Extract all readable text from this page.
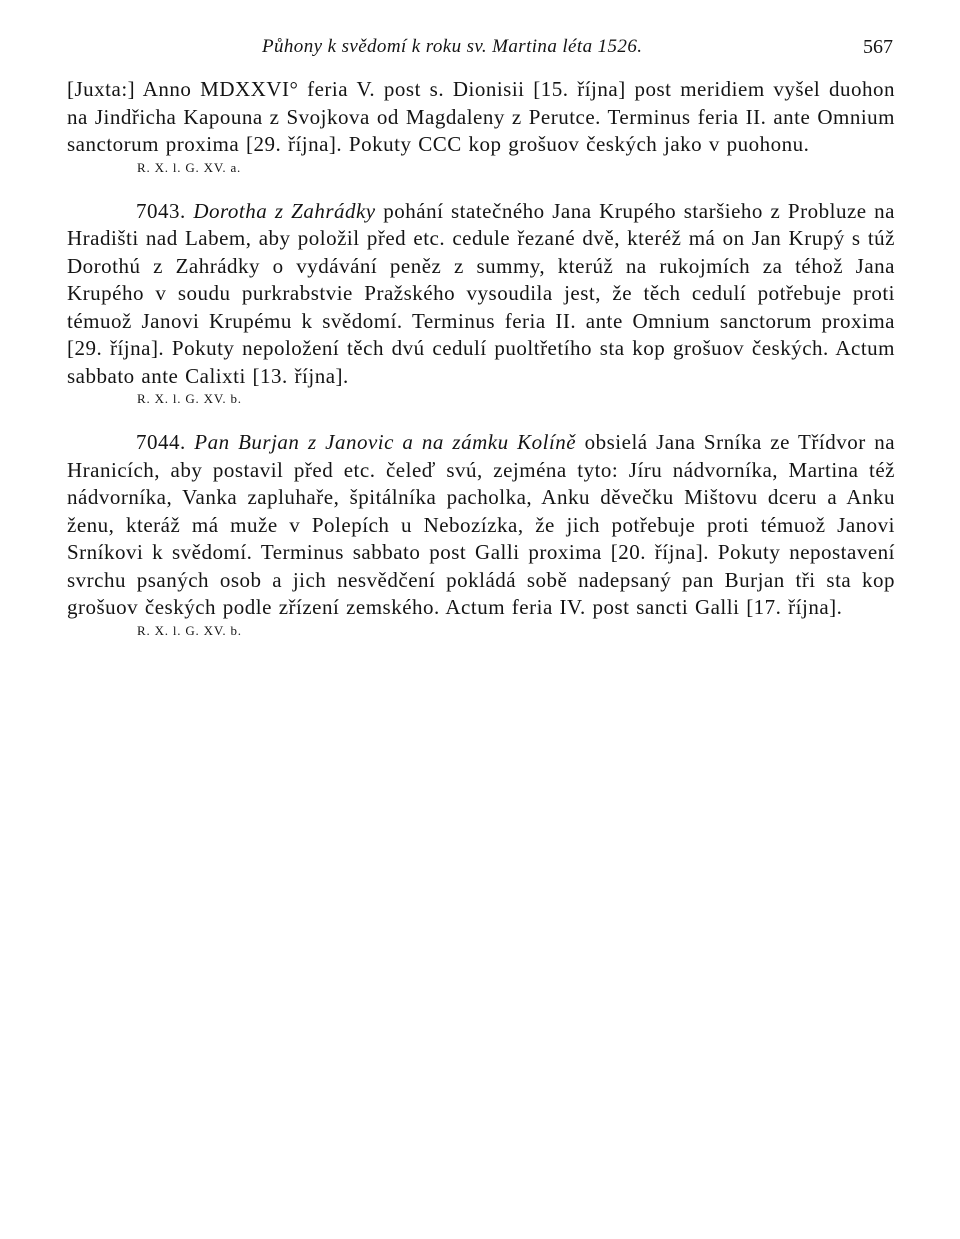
Půhony k svědomí k roku sv. Martina léta 1526.	567

[Juxta:] Anno MDXXVI° feria V. post s. Dionisii [15. října] post meridiem vyšel duohon na Jindřicha Kapouna z Svojkova od Magdaleny z Perutce. Terminus feria II. ante Omnium sanctorum proxima [29. října]. Pokuty CCC kop grošuov českých jako v puohonu.

R. X. l. G. XV. a.

7043. Dorotha z Zahrádky pohání statečného Jana Krupého staršieho z Probluze na Hradišti nad Labem, aby položil před etc. cedule řezané dvě, kteréž má on Jan Krupý s túž Dorothú z Zahrádky o vydávání peněz z summy, kterúž na rukojmích za téhož Jana Krupého v soudu purkrabstvie Pražského vysoudila jest, že těch cedulí potřebuje proti témuož Janovi Krupému k svědomí. Terminus feria II. ante Omnium sanctorum proxima [29. října]. Pokuty nepoložení těch dvú cedulí puoltřetího sta kop grošuov českých. Actum sabbato ante Calixti [13. října].

R. X. l. G. XV. b.

7044. Pan Burjan z Janovic a na zámku Kolíně obsielá Jana Srníka ze Třídvor na Hranicích, aby postavil před etc. čeleď svú, zejména tyto: Jíru nádvorníka, Martina též nádvorníka, Vanka zapluhaře, špitálníka pacholka, Anku děvečku Mištovu dceru a Anku ženu, kteráž má muže v Polepích u Nebozízka, že jich potřebuje proti témuož Janovi Srníkovi k svědomí. Terminus sabbato post Galli proxima [20. října]. Pokuty nepostavení svrchu psaných osob a jich nesvědčení pokládá sobě nadepsaný pan Burjan tři sta kop grošuov českých podle zřízení zemského. Actum feria IV. post sancti Galli [17. října].

R. X. l. G. XV. b.
